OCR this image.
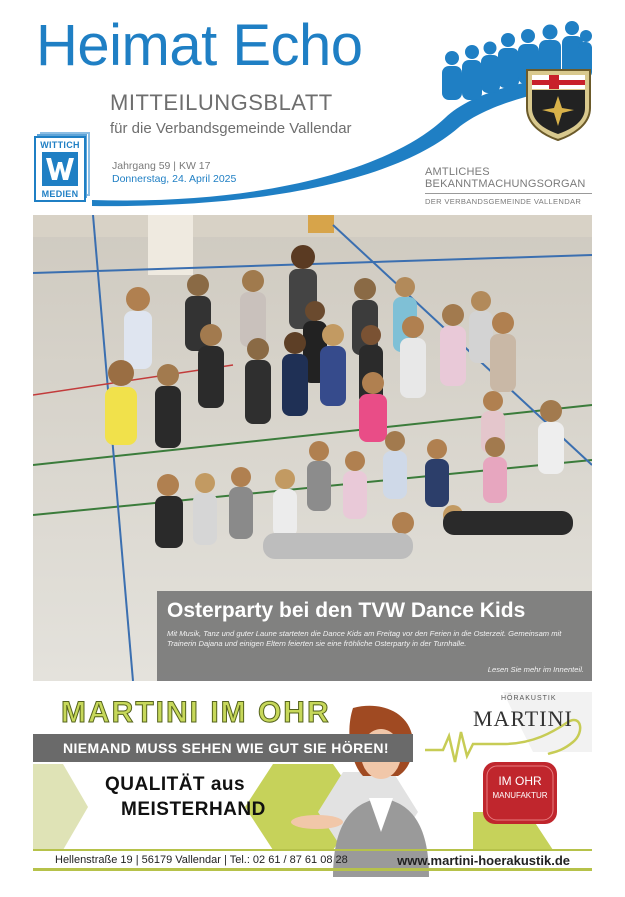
Heimat Echo
MITTEILUNGSBLATT
für die Verbandsgemeinde Vallendar
WITTICH
MEDIEN
Jahrgang 59 | KW 17
Donnerstag, 24. April 2025
AMTLICHES
BEKANNTMACHUNGSORGAN
DER VERBANDSGEMEINDE VALLENDAR
Osterparty bei den TVW Dance Kids
Mit Musik, Tanz und guter Laune starteten die Dance Kids am Freitag vor den Ferien in die Osterzeit. Gemeinsam mit Trainerin Dajana und einigen Eltern feierten sie eine fröhliche Osterparty in der Turnhalle.
Lesen Sie mehr im Innenteil.
MARTINI IM OHR
NIEMAND MUSS SEHEN WIE GUT SIE HÖREN!
QUALITÄT aus
MEISTERHAND
HÖRAKUSTIK
MARTINI
IM OHR
MANUFAKTUR
Hellenstraße 19 | 56179 Vallendar | Tel.: 02 61 / 87 61 08 28	www.martini-hoerakustik.de
